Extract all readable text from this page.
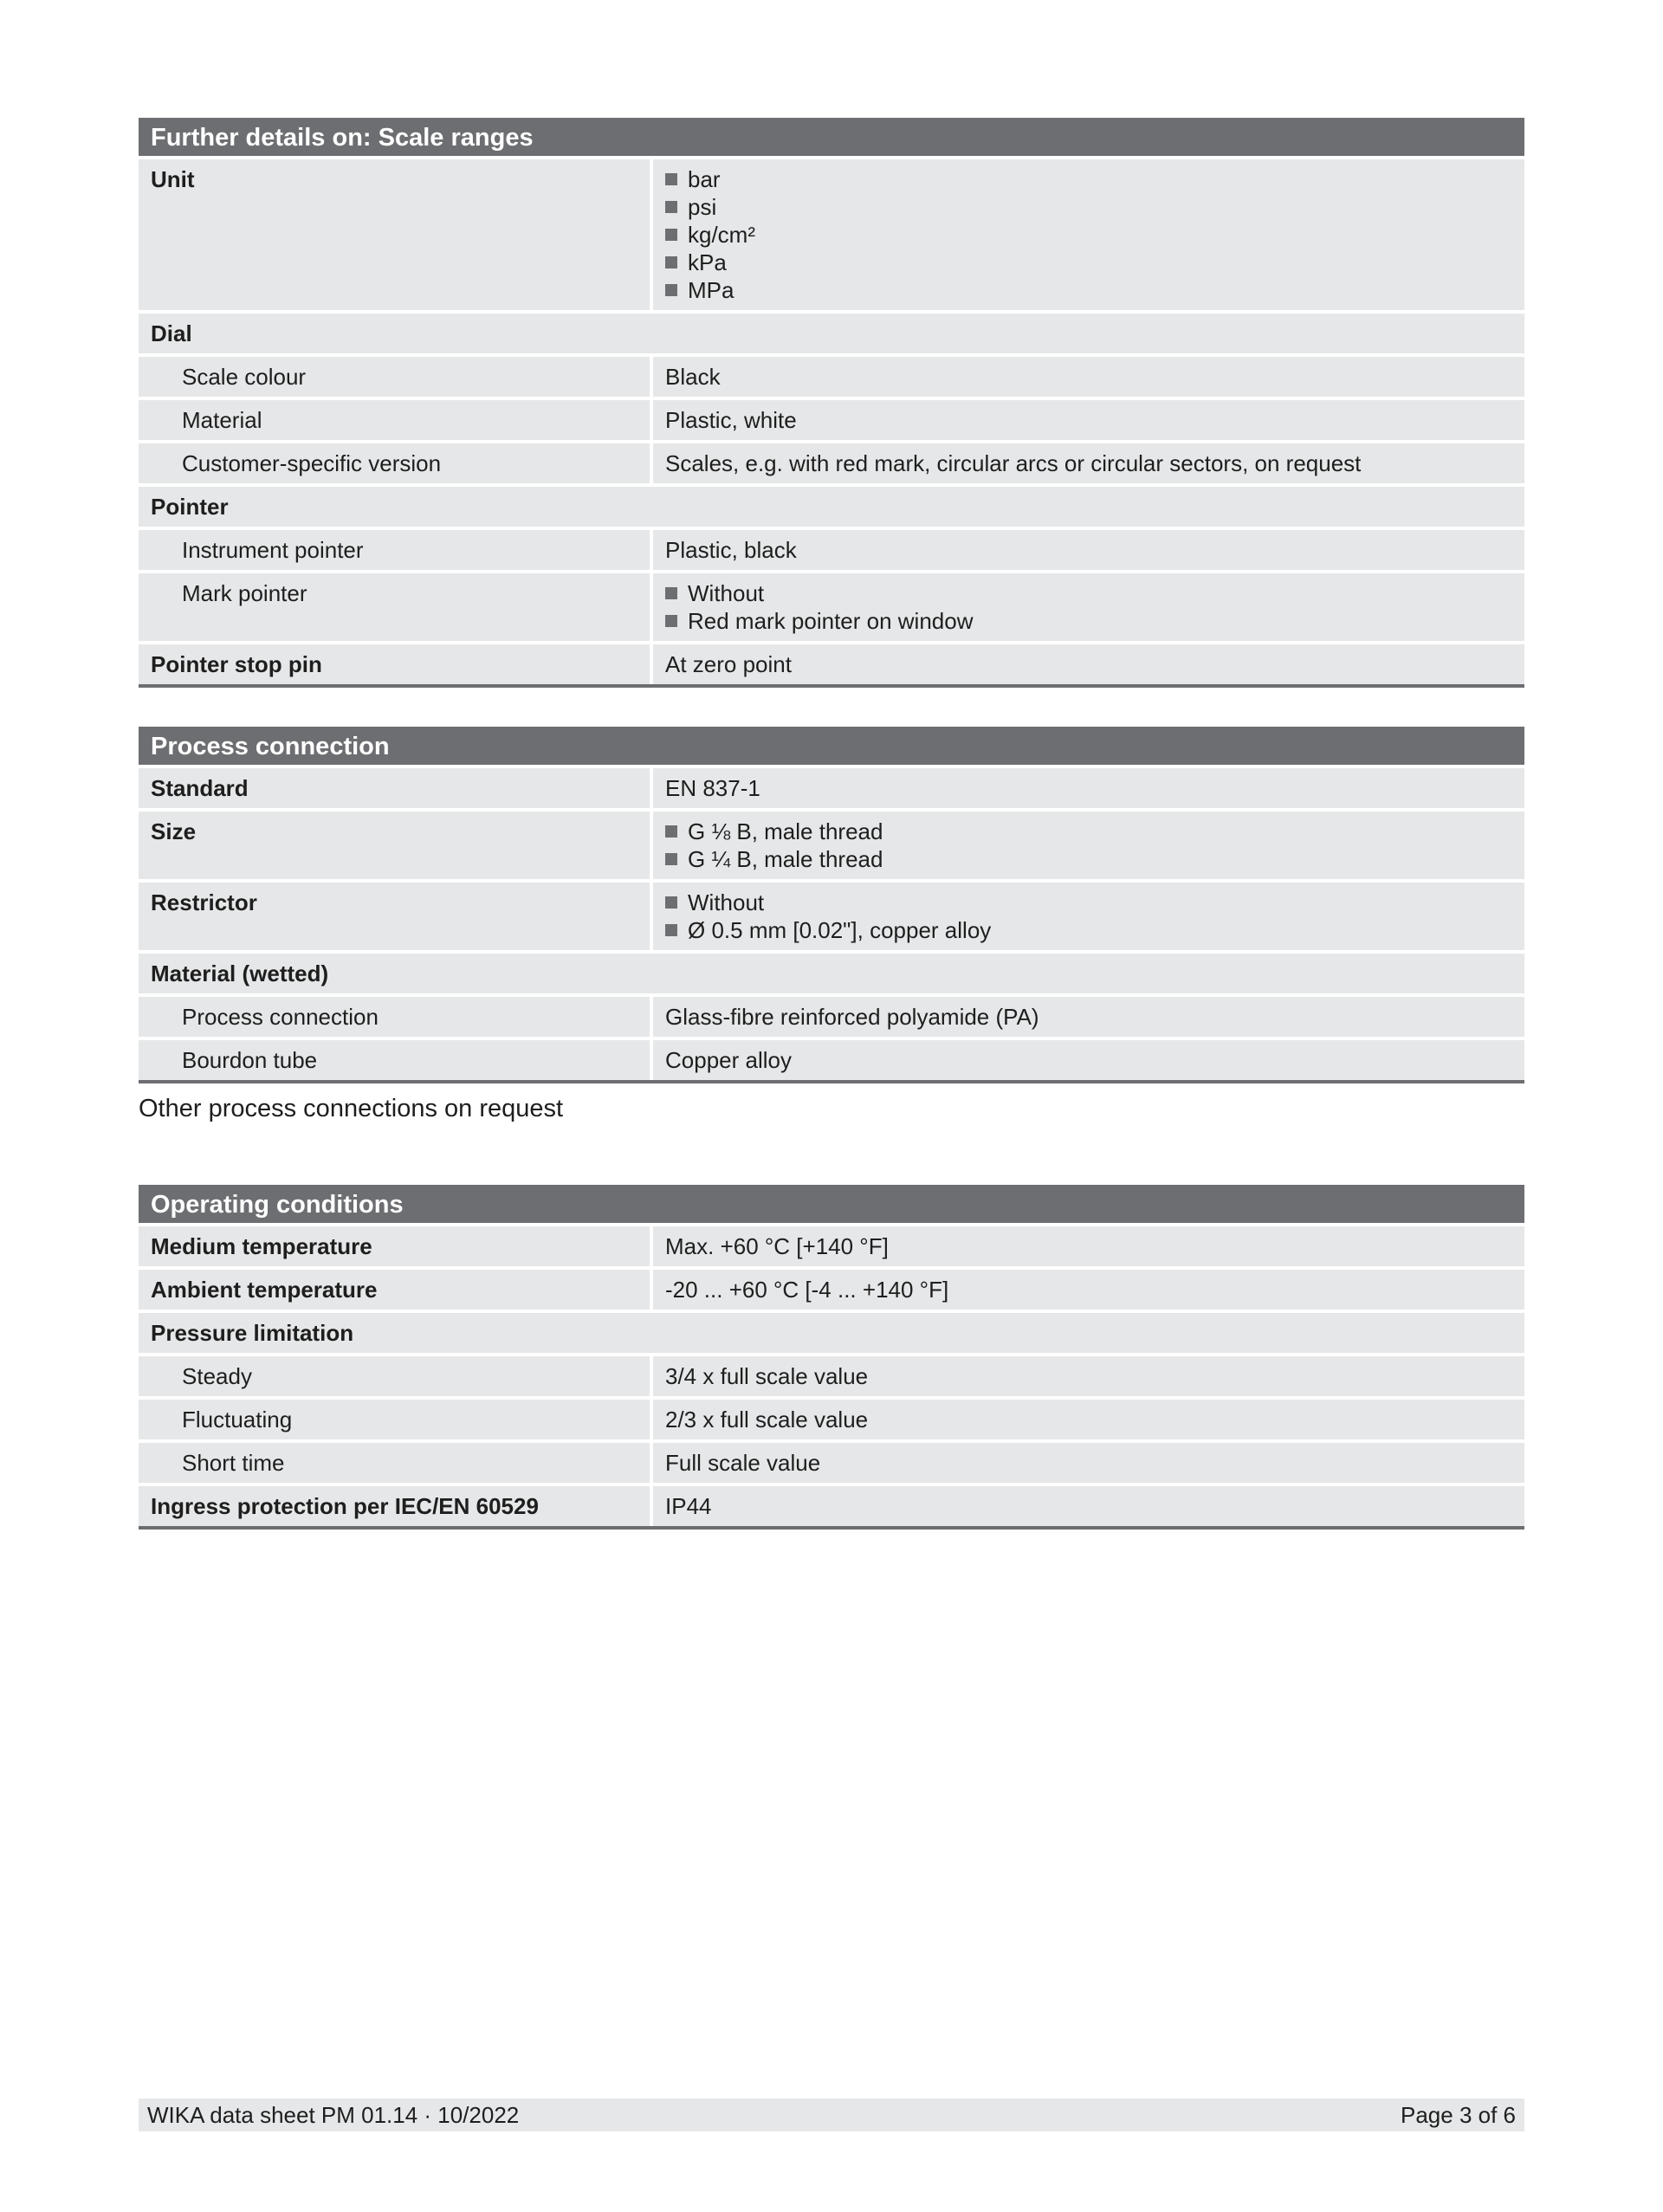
Further details on: Scale ranges
Unit	bar
psi
kg/cm²
kPa
MPa
Dial
Scale colour	Black
Material	Plastic, white
Customer-specific version	Scales, e.g. with red mark, circular arcs or circular sectors, on request
Pointer
Instrument pointer	Plastic, black
Mark pointer	Without
Red mark pointer on window
Pointer stop pin	At zero point
Process connection
Standard	EN 837-1
Size	G ⅛ B, male thread
G ¼ B, male thread
Restrictor	Without
Ø 0.5 mm [0.02"], copper alloy
Material (wetted)
Process connection	Glass-fibre reinforced polyamide (PA)
Bourdon tube	Copper alloy
Other process connections on request
Operating conditions
Medium temperature	Max. +60 °C [+140 °F]
Ambient temperature	-20 ... +60 °C [-4 ... +140 °F]
Pressure limitation
Steady	3/4 x full scale value
Fluctuating	2/3 x full scale value
Short time	Full scale value
Ingress protection per IEC/EN 60529	IP44
WIKA data sheet PM 01.14 · 10/2022	Page 3 of 6
